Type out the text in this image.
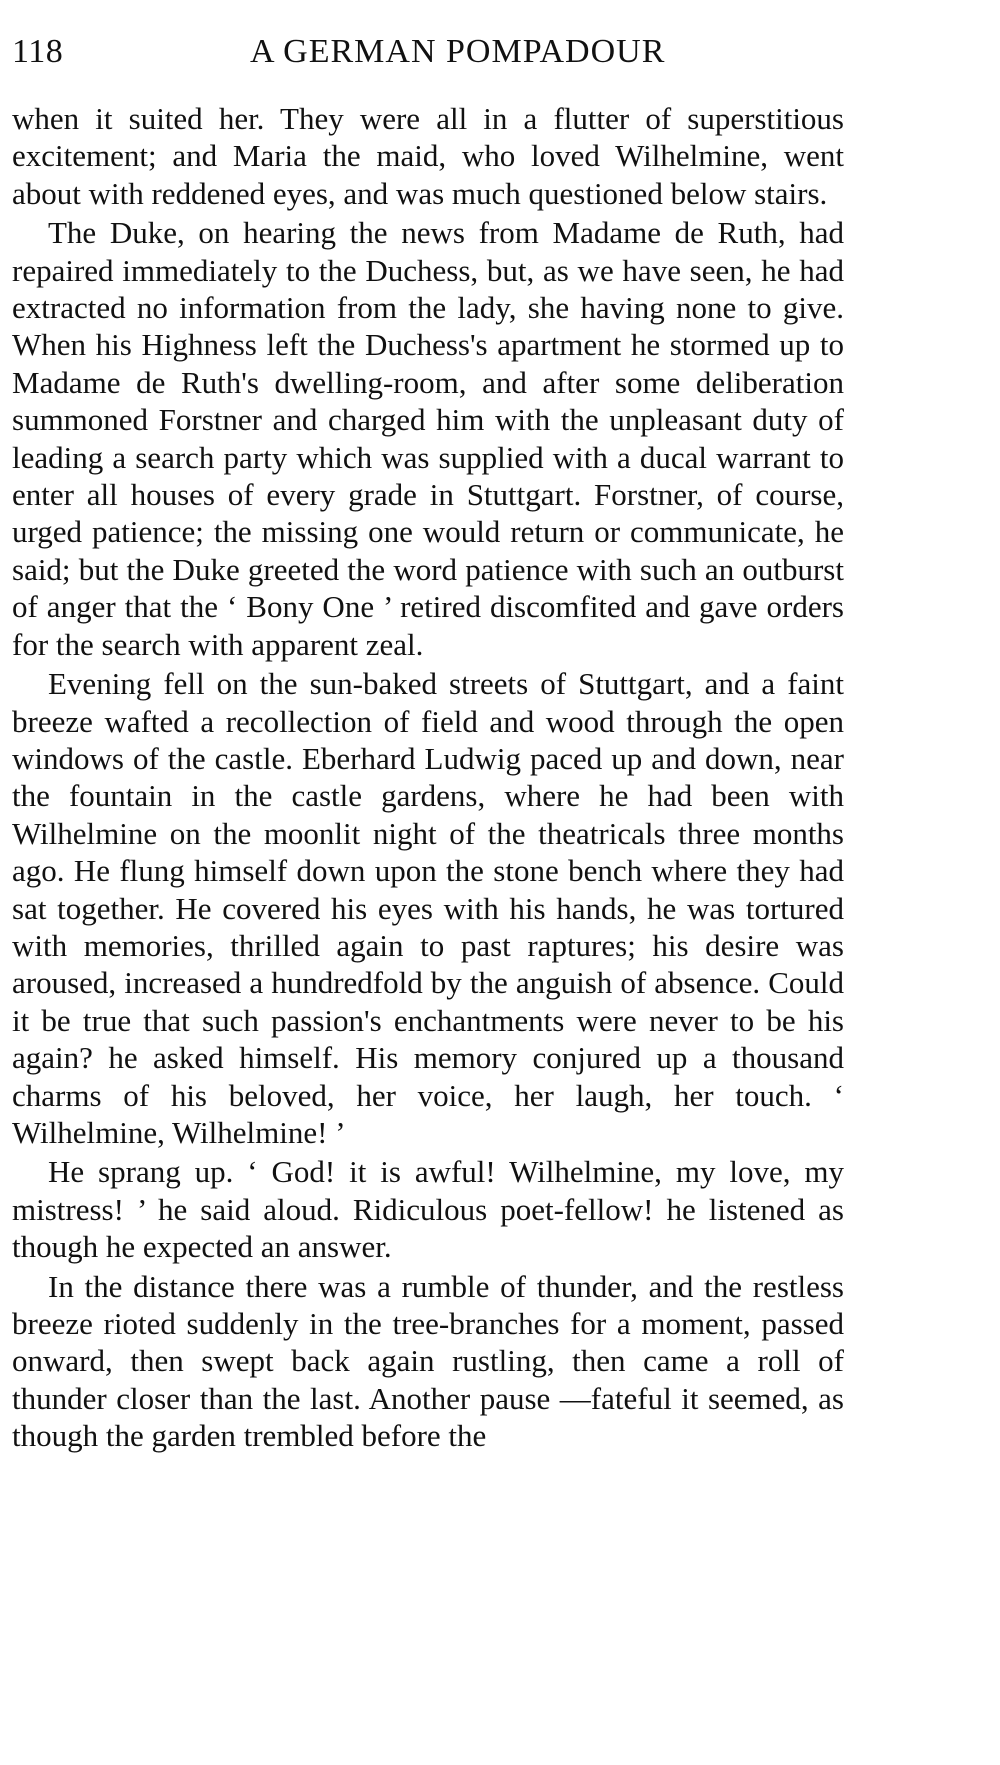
118	A GERMAN POMPADOUR

when it suited her. They were all in a flutter of superstitious excitement; and Maria the maid, who loved Wilhelmine, went about with reddened eyes, and was much questioned below stairs.

The Duke, on hearing the news from Madame de Ruth, had repaired immediately to the Duchess, but, as we have seen, he had extracted no information from the lady, she having none to give. When his Highness left the Duchess's apartment he stormed up to Madame de Ruth's dwelling-room, and after some deliberation summoned Forstner and charged him with the unpleasant duty of leading a search party which was supplied with a ducal warrant to enter all houses of every grade in Stuttgart. Forstner, of course, urged patience; the missing one would return or communicate, he said; but the Duke greeted the word patience with such an outburst of anger that the ‘ Bony One ’ retired discomfited and gave orders for the search with apparent zeal.

Evening fell on the sun-baked streets of Stuttgart, and a faint breeze wafted a recollection of field and wood through the open windows of the castle. Eberhard Ludwig paced up and down, near the fountain in the castle gardens, where he had been with Wilhelmine on the moonlit night of the theatricals three months ago. He flung himself down upon the stone bench where they had sat together. He covered his eyes with his hands, he was tortured with memories, thrilled again to past raptures; his desire was aroused, increased a hundredfold by the anguish of absence. Could it be true that such passion's enchantments were never to be his again? he asked himself. His memory conjured up a thousand charms of his beloved, her voice, her laugh, her touch. ‘ Wilhelmine, Wilhelmine! ’

He sprang up. ‘ God! it is awful! Wilhelmine, my love, my mistress! ’ he said aloud. Ridiculous poet-fellow! he listened as though he expected an answer.

In the distance there was a rumble of thunder, and the restless breeze rioted suddenly in the tree-branches for a moment, passed onward, then swept back again rustling, then came a roll of thunder closer than the last. Another pause —fateful it seemed, as though the garden trembled before the
